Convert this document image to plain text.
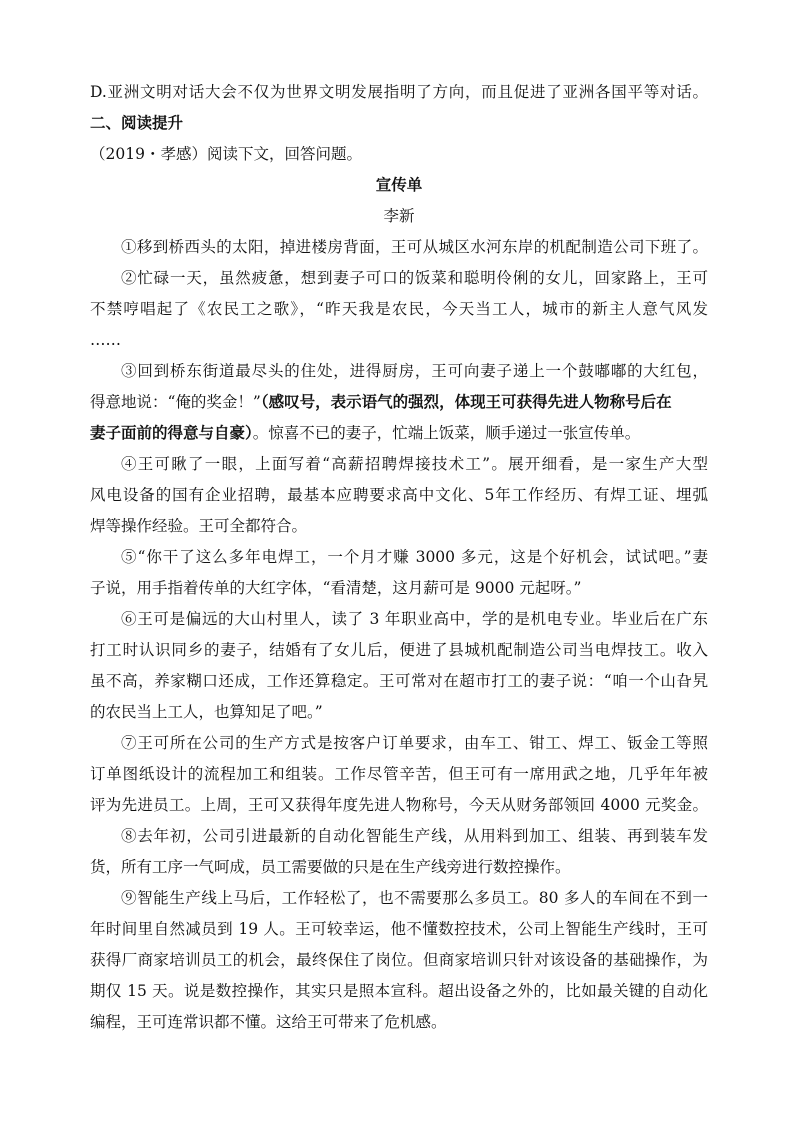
D.亚洲文明对话大会不仅为世界文明发展指明了方向，而且促进了亚洲各国平等对话。
二、阅读提升
（2019・孝感）阅读下文，回答问题。
宣传单
李新
①移到桥西头的太阳，掉进楼房背面，王可从城区水河东岸的机配制造公司下班了。
②忙碌一天，虽然疲惫，想到妻子可口的饭菜和聪明伶俐的女儿，回家路上，王可
不禁哼唱起了《农民工之歌》，“昨天我是农民，今天当工人，城市的新主人意气风发
……
③回到桥东街道最尽头的住处，进得厨房，王可向妻子递上一个鼓嘟嘟的大红包，
得意地说：“俺的奖金！”（感叹号，表示语气的强烈，体现王可获得先进人物称号后在
妻子面前的得意与自豪）。惊喜不已的妻子，忙端上饭菜，顺手递过一张宣传单。
④王可瞅了一眼，上面写着“高薪招聘焊接技术工”。展开细看，是一家生产大型
风电设备的国有企业招聘，最基本应聘要求高中文化、5年工作经历、有焊工证、埋弧
焊等操作经验。王可全都符合。
⑤“你干了这么多年电焊工，一个月才赚 3000 多元，这是个好机会，试试吧。”妻
子说，用手指着传单的大红字体，“看清楚，这月薪可是 9000 元起呀。”
⑥王可是偏远的大山村里人，读了 3 年职业高中，学的是机电专业。毕业后在广东
打工时认识同乡的妻子，结婚有了女儿后，便进了县城机配制造公司当电焊技工。收入
虽不高，养家糊口还成，工作还算稳定。王可常对在超市打工的妻子说：“咱一个山旮旯
的农民当上工人，也算知足了吧。”
⑦王可所在公司的生产方式是按客户订单要求，由车工、钳工、焊工、钣金工等照
订单图纸设计的流程加工和组装。工作尽管辛苦，但王可有一席用武之地，几乎年年被
评为先进员工。上周，王可又获得年度先进人物称号，今天从财务部领回 4000 元奖金。
⑧去年初，公司引进最新的自动化智能生产线，从用料到加工、组装、再到装车发
货，所有工序一气呵成，员工需要做的只是在生产线旁进行数控操作。
⑨智能生产线上马后，工作轻松了，也不需要那么多员工。80 多人的车间在不到一
年时间里自然减员到 19 人。王可较幸运，他不懂数控技术，公司上智能生产线时，王可
获得厂商家培训员工的机会，最终保住了岗位。但商家培训只针对该设备的基础操作，为
期仅 15 天。说是数控操作，其实只是照本宣科。超出设备之外的，比如最关键的自动化
编程，王可连常识都不懂。这给王可带来了危机感。
